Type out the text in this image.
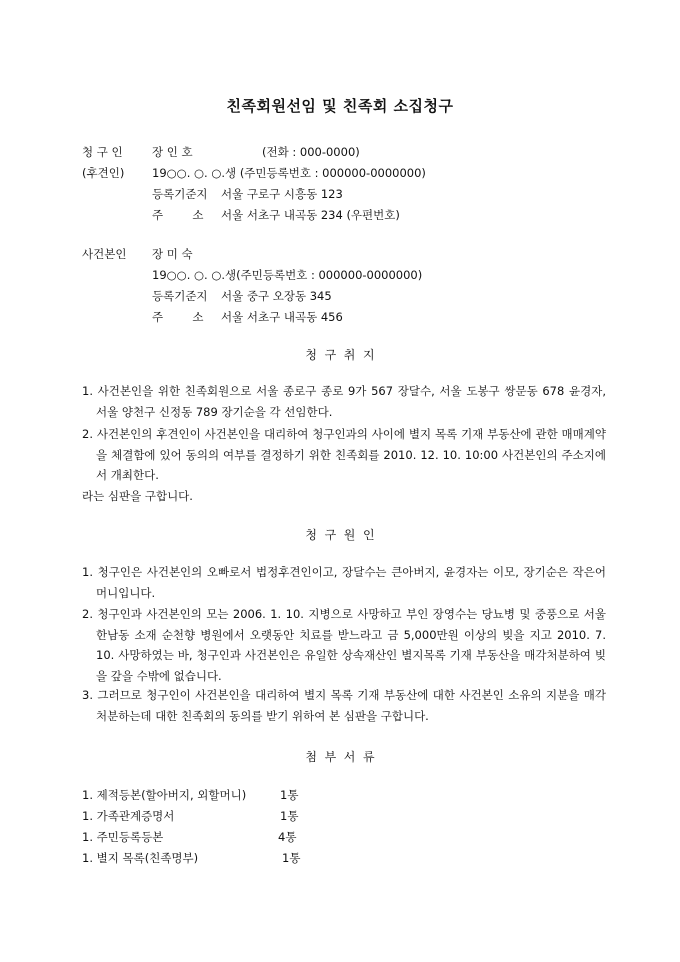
친족회원선임 및 친족회 소집청구
청 구 인	장 인 호	(전화 : 000-0000)
(후견인) 19○○. ○. ○.생 (주민등록번호 : 000000-0000000)
등록기준지 서울 구로구 시흥동 123
주        소 서울 서초구 내곡동 234 (우편번호)
사건본인 장 미 숙
19○○. ○. ○.생(주민등록번호 : 000000-0000000)
등록기준지 서울 중구 오장동 345
주        소 서울 서초구 내곡동 456
청  구  취  지
1. 사건본인을 위한 친족회원으로 서울 종로구 종로 9가 567 장달수, 서울 도봉구 쌍문동 678 윤경자, 서울 양천구 신정동 789 장기순을 각 선임한다.
2. 사건본인의 후견인이 사건본인을 대리하여 청구인과의 사이에 별지 목록 기재 부동산에 관한 매매계약을 체결함에 있어 동의의 여부를 결정하기 위한 친족회를 2010. 12. 10. 10:00 사건본인의 주소지에서 개최한다.
라는 심판을 구합니다.
청  구  원  인
1. 청구인은 사건본인의 오빠로서 법정후견인이고, 장달수는 큰아버지, 윤경자는 이모, 장기순은 작은어머니입니다.
2. 청구인과 사건본인의 모는 2006. 1. 10. 지병으로 사망하고 부인 장영수는 당뇨병 및 중풍으로 서울 한남동 소재 순천향 병원에서 오랫동안 치료를 받느라고 금 5,000만원 이상의 빚을 지고 2010. 7. 10. 사망하였는 바, 청구인과 사건본인은 유일한 상속재산인 별지목록 기재 부동산을 매각처분하여 빚을 갚을 수밖에 없습니다.
3. 그러므로 청구인이 사건본인을 대리하여 별지 목록 기재 부동산에 대한 사건본인 소유의 지분을 매각처분하는데 대한 친족회의 동의를 받기 위하여 본 심판을 구합니다.
첨  부  서  류
1. 제적등본(할아버지, 외할머니)	1통
1. 가족관계증명서	1통
1. 주민등록등본	4통
1. 별지 목록(친족명부)	1통
